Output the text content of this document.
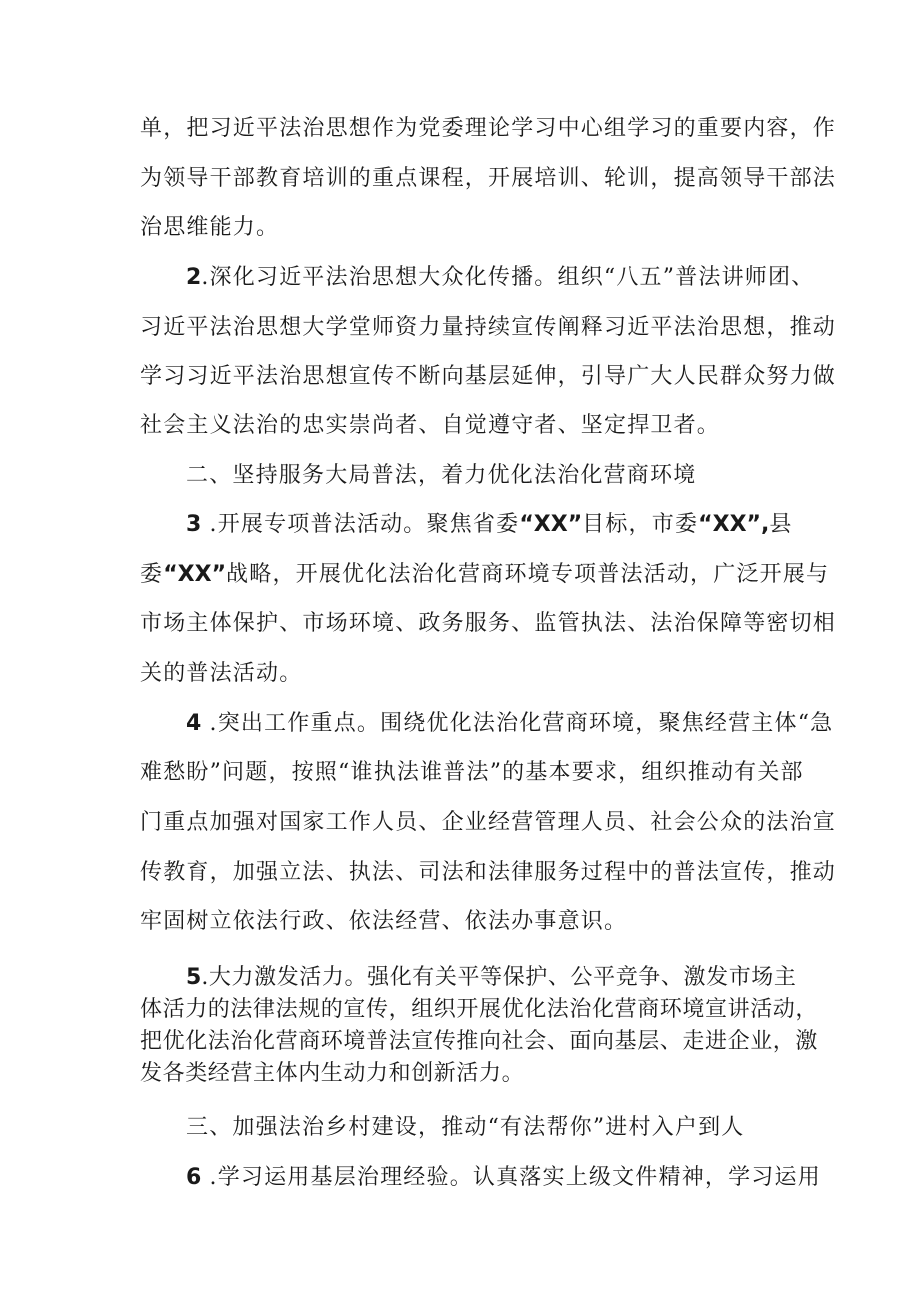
单，把习近平法治思想作为党委理论学习中心组学习的重要内容，作
为领导干部教育培训的重点课程，开展培训、轮训，提高领导干部法
治思维能力。
2.深化习近平法治思想大众化传播。组织“八五”普法讲师团、
习近平法治思想大学堂师资力量持续宣传阐释习近平法治思想，推动
学习习近平法治思想宣传不断向基层延伸，引导广大人民群众努力做
社会主义法治的忠实崇尚者、自觉遵守者、坚定捍卫者。
二、坚持服务大局普法，着力优化法治化营商环境
3 .开展专项普法活动。聚焦省委“XX”目标，市委“XX”,县
委“XX”战略，开展优化法治化营商环境专项普法活动，广泛开展与
市场主体保护、市场环境、政务服务、监管执法、法治保障等密切相
关的普法活动。
4 .突出工作重点。围绕优化法治化营商环境，聚焦经营主体“急
难愁盼”问题，按照“谁执法谁普法”的基本要求，组织推动有关部
门重点加强对国家工作人员、企业经营管理人员、社会公众的法治宣
传教育，加强立法、执法、司法和法律服务过程中的普法宣传，推动
牢固树立依法行政、依法经营、依法办事意识。
5.大力激发活力。强化有关平等保护、公平竞争、激发市场主
体活力的法律法规的宣传，组织开展优化法治化营商环境宣讲活动，
把优化法治化营商环境普法宣传推向社会、面向基层、走进企业，激
发各类经营主体内生动力和创新活力。
三、加强法治乡村建设，推动“有法帮你”进村入户到人
6 .学习运用基层治理经验。认真落实上级文件精神，学习运用
